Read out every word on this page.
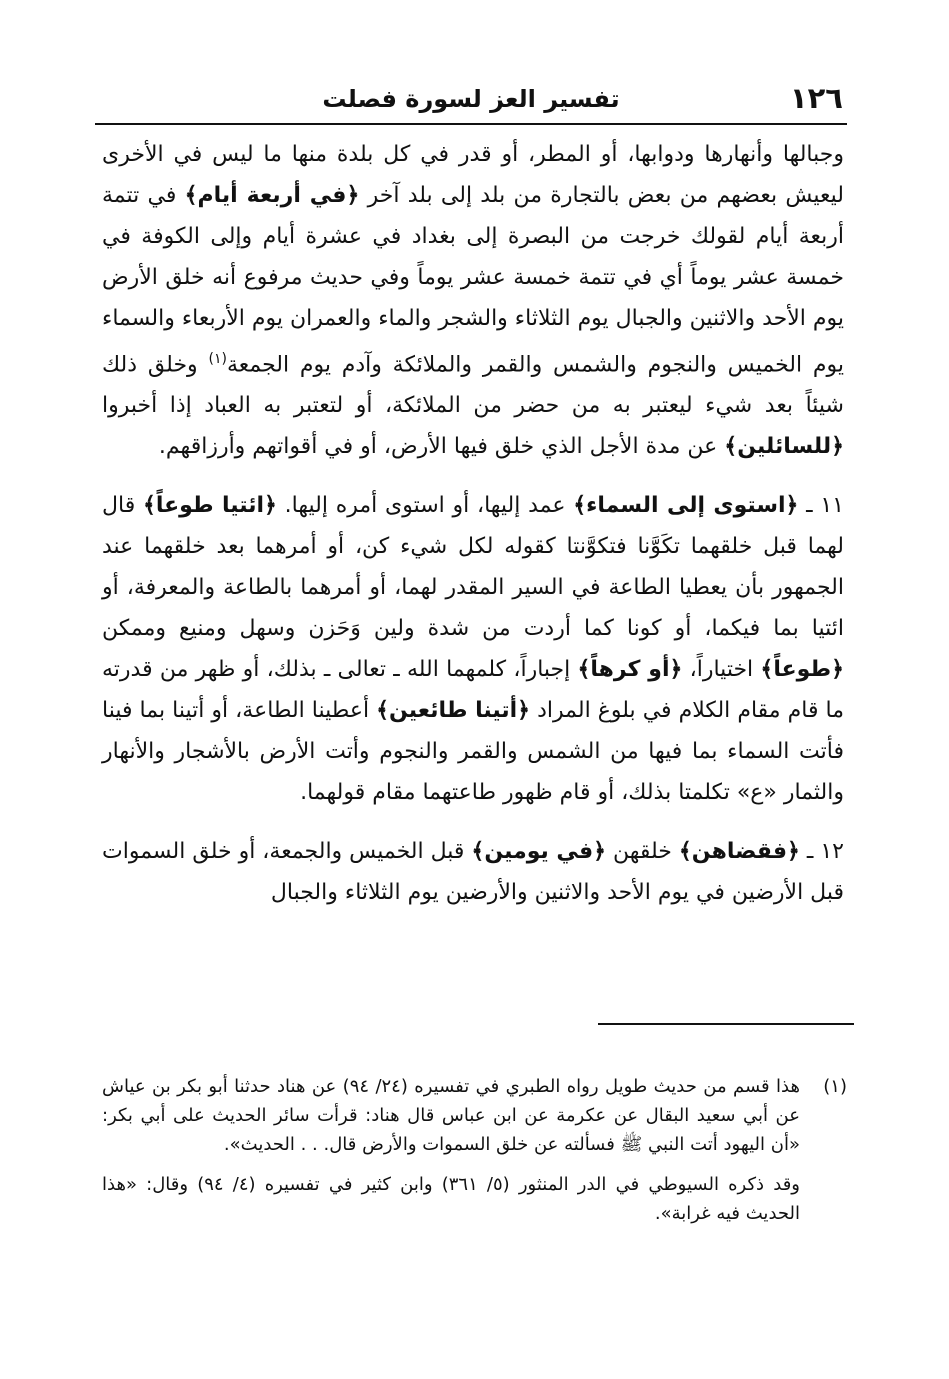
١٢٦
تفسير العز لسورة فصلت

وجبالها وأنهارها ودوابها، أو المطر، أو قدر في كل بلدة منها ما ليس في الأخرى ليعيش بعضهم من بعض بالتجارة من بلد إلى بلد آخر ﴿في أربعة أيام﴾ في تتمة أربعة أيام لقولك خرجت من البصرة إلى بغداد في عشرة أيام وإلى الكوفة في خمسة عشر يوماً أي في تتمة خمسة عشر يوماً وفي حديث مرفوع أنه خلق الأرض يوم الأحد والاثنين والجبال يوم الثلاثاء والشجر والماء والعمران يوم الأربعاء والسماء يوم الخميس والنجوم والشمس والقمر والملائكة وآدم يوم الجمعة$^{(١)}$ وخلق ذلك شيئاً بعد شيء ليعتبر به من حضر من الملائكة، أو لتعتبر به العباد إذا أخبروا ﴿للسائلين﴾ عن مدة الأجل الذي خلق فيها الأرض، أو في أقواتهم وأرزاقهم.

١١ ـ ﴿استوى إلى السماء﴾ عمد إليها، أو استوى أمره إليها. ﴿ائتيا طوعاً﴾ قال لهما قبل خلقهما تكَوَّنا فتكوَّنتا كقوله لكل شيء كن، أو أمرهما بعد خلقهما عند الجمهور بأن يعطيا الطاعة في السير المقدر لهما، أو أمرهما بالطاعة والمعرفة، أو ائتيا بما فيكما، أو كونا كما أردت من شدة ولين وَحَزن وسهل ومنيع وممكن ﴿طوعاً﴾ اختياراً، ﴿أو كرهاً﴾ إجباراً، كلمهما الله ـ تعالى ـ بذلك، أو ظهر من قدرته ما قام مقام الكلام في بلوغ المراد ﴿أتينا طائعين﴾ أعطينا الطاعة، أو أتينا بما فينا فأتت السماء بما فيها من الشمس والقمر والنجوم وأتت الأرض بالأشجار والأنهار والثمار «ع» تكلمتا بذلك، أو قام ظهور طاعتهما مقام قولهما.

١٢ ـ ﴿فقضاهن﴾ خلقهن ﴿في يومين﴾ قبل الخميس والجمعة، أو خلق السموات قبل الأرضين في يوم الأحد والاثنين والأرضين يوم الثلاثاء والجبال

(١)

هذا قسم من حديث طويل رواه الطبري في تفسيره (٢٤/ ٩٤) عن هناد حدثنا أبو بكر بن عياش عن أبي سعيد البقال عن عكرمة عن ابن عباس قال هناد: قرأت سائر الحديث على أبي بكر: «أن اليهود أتت النبي ﷺ فسألته عن خلق السموات والأرض قال. . . الحديث».

وقد ذكره السيوطي في الدر المنثور (٥/ ٣٦١) وابن كثير في تفسيره (٤/ ٩٤) وقال: «هذا الحديث فيه غرابة».
